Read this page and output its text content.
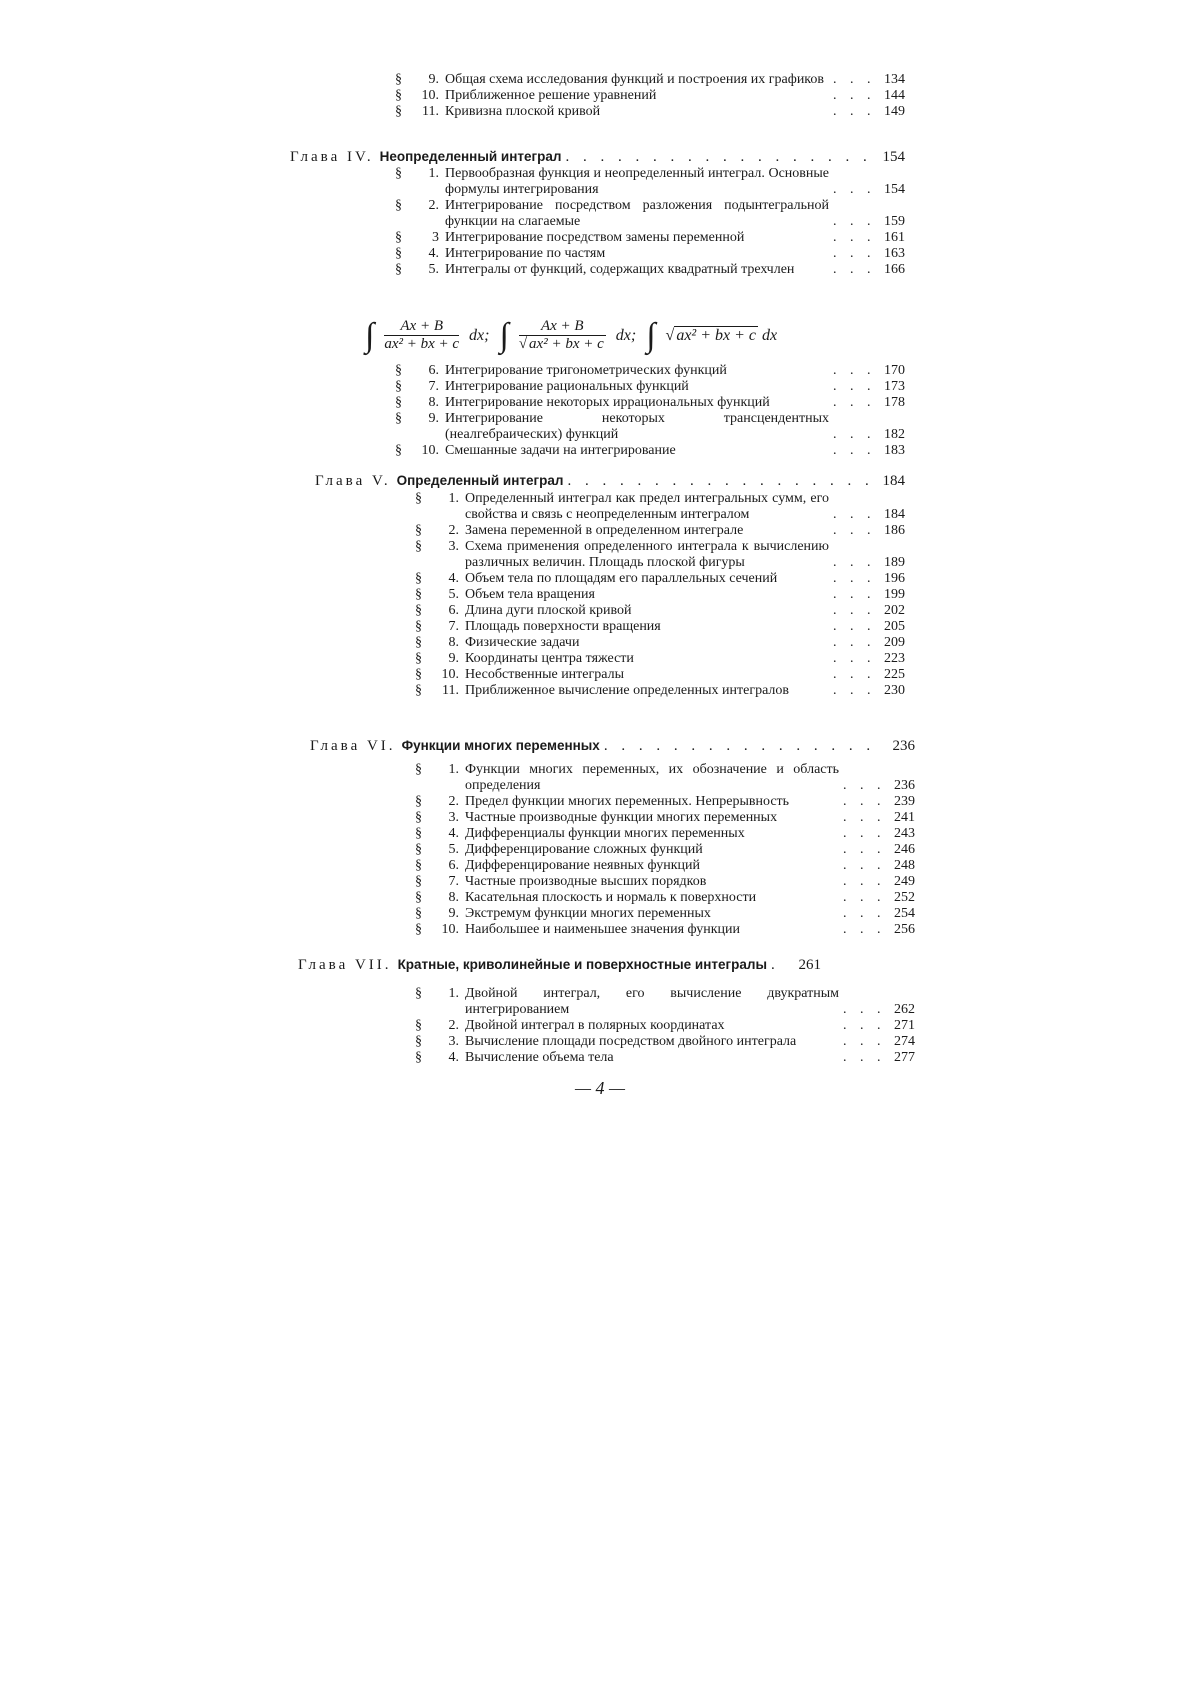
§	9. Общая схема исследования функций и построения их графиков . . .	134
§	10. Приближенное решение уравнений . . .	144
§	11. Кривизна плоской кривой . . .	149
Глава IV. Неопределенный интеграл . . .	154
§	1. Первообразная функция и неопределенный интеграл. Основные формулы интегрирования . . .	154
§	2. Интегрирование посредством разложения подынтегральной функции на слагаемые . . .	159
§	3 Интегрирование посредством замены переменной . . .	161
§	4. Интегрирование по частям . . .	163
§	5. Интегралы от функций, содержащих квадратный трехчлен . . .	166
∫ $\frac{Ax + B}{\text{ax² + bx + c}}$ dx; ∫ $\frac{Ax + B}{\text{√ ax² + bx + c}}$ dx; ∫ √ ax² + bx + c dx
§	6. Интегрирование тригонометрических функций . . .	170
§	7. Интегрирование рациональных функций . . .	173
§	8. Интегрирование некоторых иррациональных функций . . .	178
§	9. Интегрирование некоторых трансцендентных (неалгебраических) функций . . .	182
§	10. Смешанные задачи на интегрирование . . .	183
Глава V. Определенный интеграл . . .	184
§	1. Определенный интеграл как предел интегральных сумм, его свойства и связь с неопределенным интегралом . . .	184
§	2. Замена переменной в определенном интеграле . . .	186
§	3. Схема применения определенного интеграла к вычислению различных величин. Площадь плоской фигуры . . .	189
§	4. Объем тела по площадям его параллельных сечений . . .	196
§	5. Объем тела вращения . . .	199
§	6. Длина дуги плоской кривой . . .	202
§	7. Площадь поверхности вращения . . .	205
§	8. Физические задачи . . .	209
§	9. Координаты центра тяжести . . .	223
§	10. Несобственные интегралы . . .	225
§	11. Приближенное вычисление определенных интегралов . . .	230
Глава VI. Функции многих переменных . . .	236
§	1. Функции многих переменных, их обозначение и область определения . . .	236
§	2. Предел функции многих переменных. Непрерывность . . .	239
§	3. Частные производные функции многих переменных . . .	241
§	4. Дифференциалы функции многих переменных . . .	243
§	5. Дифференцирование сложных функций . . .	246
§	6. Дифференцирование неявных функций . . .	248
§	7. Частные производные высших порядков . . .	249
§	8. Касательная плоскость и нормаль к поверхности . . .	252
§	9. Экстремум функции многих переменных . . .	254
§	10. Наибольшее и наименьшее значения функции . . .	256
Глава VII. Кратные, криволинейные и поверхностные интегралы . . .	261
§	1. Двойной интеграл, его вычисление двукратным интегрированием . . .	262
§	2. Двойной интеграл в полярных координатах . . .	271
§	3. Вычисление площади посредством двойного интеграла . . .	274
§	4. Вычисление объема тела . . .	277
— 4 —
